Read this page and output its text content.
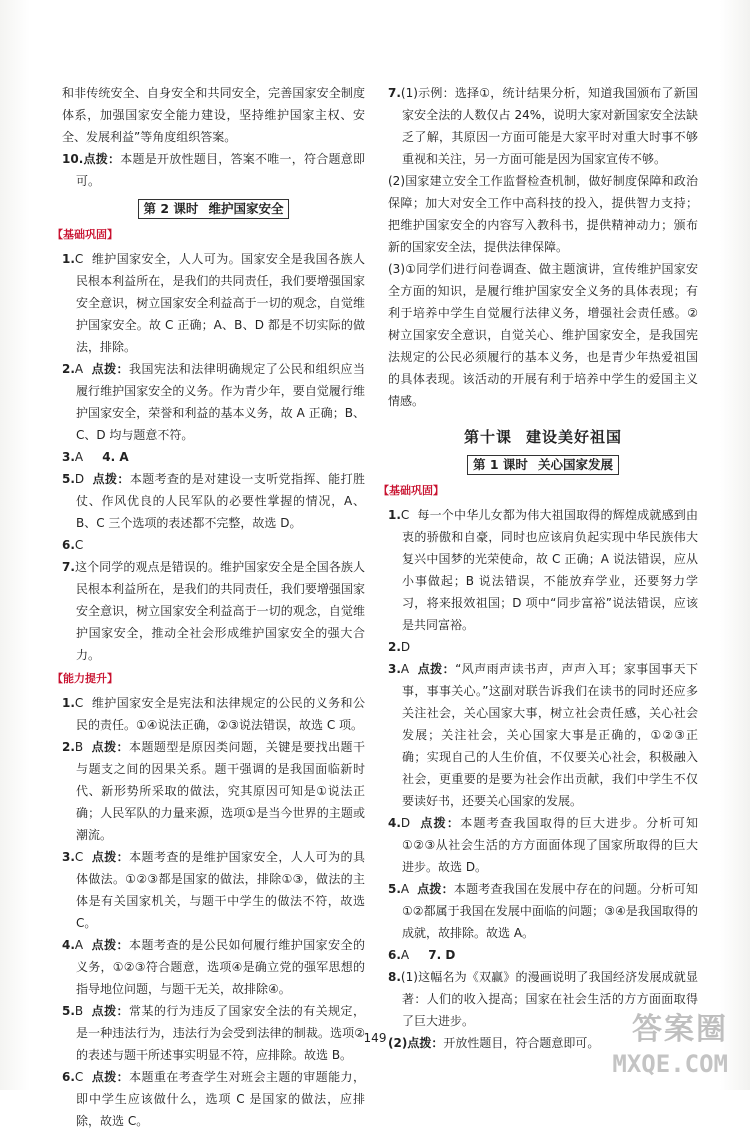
和非传统安全、自身安全和共同安全，完善国家安全制度体系，加强国家安全能力建设，坚持维护国家主权、安全、发展利益”等角度组织答案。

10.点拨：本题是开放性题目，答案不唯一，符合题意即可。

第 2 课时 维护国家安全
【基础巩固】

1.C 维护国家安全，人人可为。国家安全是我国各族人民根本利益所在，是我们的共同责任，我们要增强国家安全意识，树立国家安全利益高于一切的观念，自觉维护国家安全。故 C 正确；A、B、D 都是不切实际的做法，排除。

2.A 点拨：我国宪法和法律明确规定了公民和组织应当履行维护国家安全的义务。作为青少年，要自觉履行维护国家安全，荣誉和利益的基本义务，故 A 正确；B、C、D 均与题意不符。

3.A 4. A

5.D 点拨：本题考查的是对建设一支听党指挥、能打胜仗、作风优良的人民军队的必要性掌握的情况，A、B、C 三个选项的表述都不完整，故选 D。

6.C

7.这个同学的观点是错误的。维护国家安全是全国各族人民根本利益所在，是我们的共同责任，我们要增强国家安全意识，树立国家安全利益高于一切的观念，自觉维护国家安全，推动全社会形成维护国家安全的强大合力。

【能力提升】

1.C 维护国家安全是宪法和法律规定的公民的义务和公民的责任。①④说法正确，②③说法错误，故选 C 项。

2.B 点拨：本题题型是原因类问题，关键是要找出题干与题支之间的因果关系。题干强调的是我国面临新时代、新形势所采取的做法，究其原因可知是①说法正确；人民军队的力量来源，选项①是当今世界的主题或潮流。

3.C 点拨：本题考查的是维护国家安全，人人可为的具体做法。①②③都是国家的做法，排除①③，做法的主体是有关国家机关，与题干中学生的做法不符，故选 C。

4.A 点拨：本题考查的是公民如何履行维护国家安全的义务，①②③符合题意，选项④是确立党的强军思想的指导地位问题，与题干无关，故排除④。

5.B 点拨：常某的行为违反了国家安全法的有关规定，是一种违法行为，违法行为会受到法律的制裁。选项②的表述与题干所述事实明显不符，应排除。故选 B。

6.C 点拨：本题重在考查学生对班会主题的审题能力，即中学生应该做什么，选项 C 是国家的做法，应排除，故选 C。

7.(1)示例：选择①，统计结果分析，知道我国颁布了新国家安全法的人数仅占 24%，说明大家对新国家安全法缺乏了解，其原因一方面可能是大家平时对重大时事不够重视和关注，另一方面可能是因为国家宣传不够。

(2)国家建立安全工作监督检查机制，做好制度保障和政治保障；加大对安全工作中高科技的投入，提供智力支持；把维护国家安全的内容写入教科书，提供精神动力；颁布新的国家安全法，提供法律保障。

(3)①同学们进行问卷调查、做主题演讲，宣传维护国家安全方面的知识，是履行维护国家安全义务的具体表现；有利于培养中学生自觉履行法律义务，增强社会责任感。②树立国家安全意识，自觉关心、维护国家安全，是我国宪法规定的公民必须履行的基本义务，也是青少年热爱祖国的具体表现。该活动的开展有利于培养中学生的爱国主义情感。

第十课 建设美好祖国
第 1 课时 关心国家发展
【基础巩固】

1.C 每一个中华儿女都为伟大祖国取得的辉煌成就感到由衷的骄傲和自豪，同时也应该肩负起实现中华民族伟大复兴中国梦的光荣使命，故 C 正确；A 说法错误，应从小事做起；B 说法错误，不能放弃学业，还要努力学习，将来报效祖国；D 项中“同步富裕”说法错误，应该是共同富裕。

2.D

3.A 点拨：“风声雨声读书声，声声入耳；家事国事天下事，事事关心。”这副对联告诉我们在读书的同时还应多关注社会，关心国家大事，树立社会责任感，关心社会发展；关注社会，关心国家大事是正确的，①②③正确；实现自己的人生价值，不仅要关心社会，积极融入社会，更重要的是要为社会作出贡献，我们中学生不仅要读好书，还要关心国家的发展。

4.D 点拨：本题考查我国取得的巨大进步。分析可知①②③从社会生活的方方面面体现了国家所取得的巨大进步。故选 D。

5.A 点拨：本题考查我国在发展中存在的问题。分析可知①②都属于我国在发展中面临的问题；③④是我国取得的成就，故排除。故选 A。

6.A 7. D

8.(1)这幅名为《双赢》的漫画说明了我国经济发展成就显著：人们的收入提高；国家在社会生活的方方面面取得了巨大进步。

(2)点拨：开放性题目，符合题意即可。

149	答案圈
MXQE.COM
